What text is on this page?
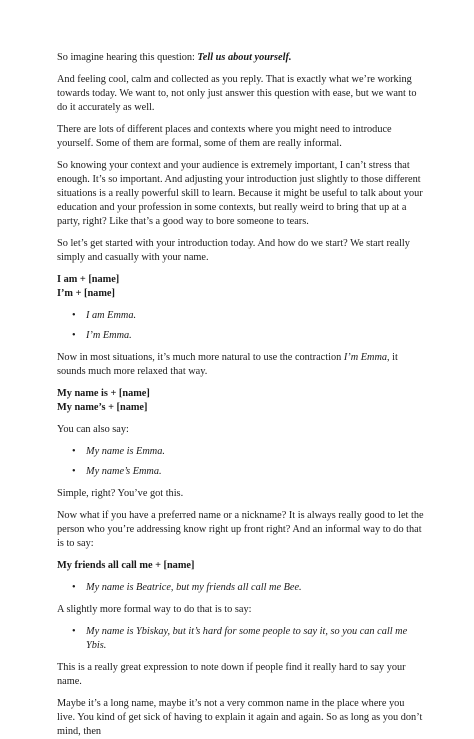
So imagine hearing this question: Tell us about yourself.

And feeling cool, calm and collected as you reply. That is exactly what we’re working towards today. We want to, not only just answer this question with ease, but we want to do it accurately as well.

There are lots of different places and contexts where you might need to introduce yourself. Some of them are formal, some of them are really informal.

So knowing your context and your audience is extremely important, I can’t stress that enough. It’s so important. And adjusting your introduction just slightly to those different situations is a really powerful skill to learn. Because it might be useful to talk about your education and your profession in some contexts, but really weird to bring that up at a party, right? Like that’s a good way to bore someone to tears.

So let’s get started with your introduction today. And how do we start? We start really simply and casually with your name.

I am + [name]
I’m + [name]
• I am Emma.
• I’m Emma.

Now in most situations, it’s much more natural to use the contraction I’m Emma, it sounds much more relaxed that way.

My name is + [name]
My name’s + [name]

You can also say:

• My name is Emma.
• My name’s Emma.

Simple, right? You’ve got this.

Now what if you have a preferred name or a nickname? It is always really good to let the person who you’re addressing know right up front right? And an informal way to do that is to say:

My friends all call me + [name]
• My name is Beatrice, but my friends all call me Bee.

A slightly more formal way to do that is to say:

• My name is Ybiskay, but it’s hard for some people to say it, so you can call me Ybis.

This is a really great expression to note down if people find it really hard to say your name.

Maybe it’s a long name, maybe it’s not a very common name in the place where you live. You kind of get sick of having to explain it again and again. So as long as you don’t mind, then
